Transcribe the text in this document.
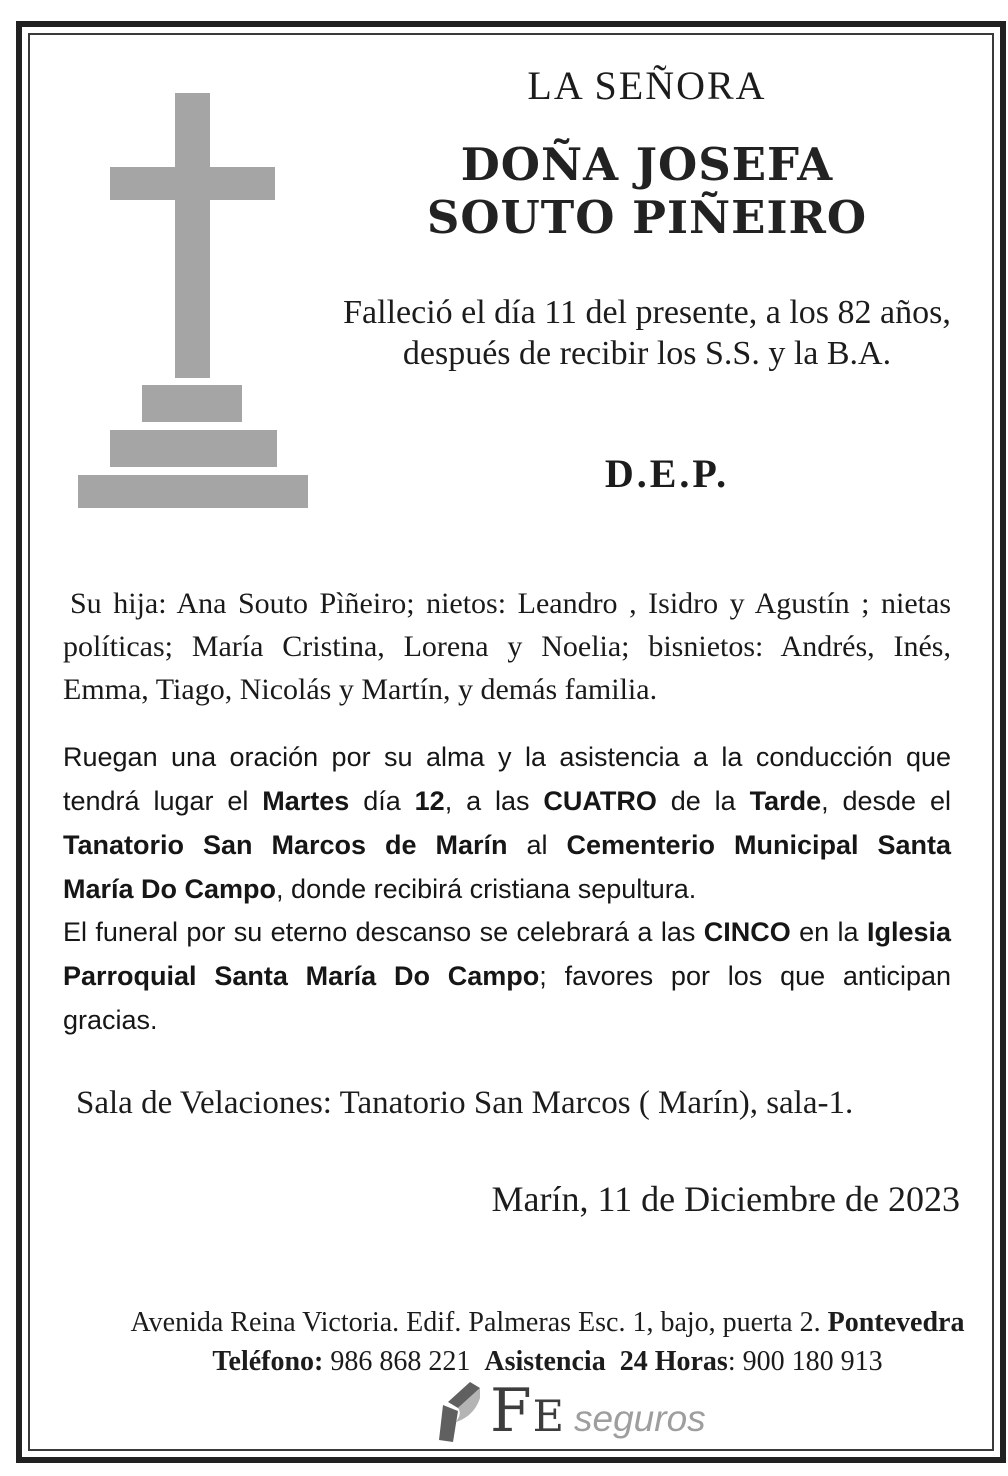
LA SEÑORA
DOÑA JOSEFA
SOUTO PIÑEIRO
Falleció el día 11 del presente, a los 82 años,
después de recibir los S.S. y la B.A.
D.E.P.
Su hija: Ana Souto Pìñeiro; nietos: Leandro , Isidro y Agustín ; nietas
políticas; María Cristina, Lorena y Noelia; bisnietos: Andrés, Inés,
Emma, Tiago, Nicolás y Martín, y demás familia.
Ruegan una oración por su alma y la asistencia a la conducción que
tendrá lugar el Martes día 12, a las CUATRO de la Tarde, desde el
Tanatorio San Marcos de Marín al Cementerio Municipal Santa
María Do Campo, donde recibirá cristiana sepultura.
El funeral por su eterno descanso se celebrará a las CINCO en la Iglesia
Parroquial Santa María Do Campo; favores por los que anticipan
gracias.
Sala de Velaciones: Tanatorio San Marcos ( Marín), sala-1.
Marín, 11 de Diciembre de 2023
Avenida Reina Victoria. Edif. Palmeras Esc. 1, bajo, puerta 2. Pontevedra
Teléfono: 986 868 221  Asistencia  24 Horas: 900 180 913
F E seguros
